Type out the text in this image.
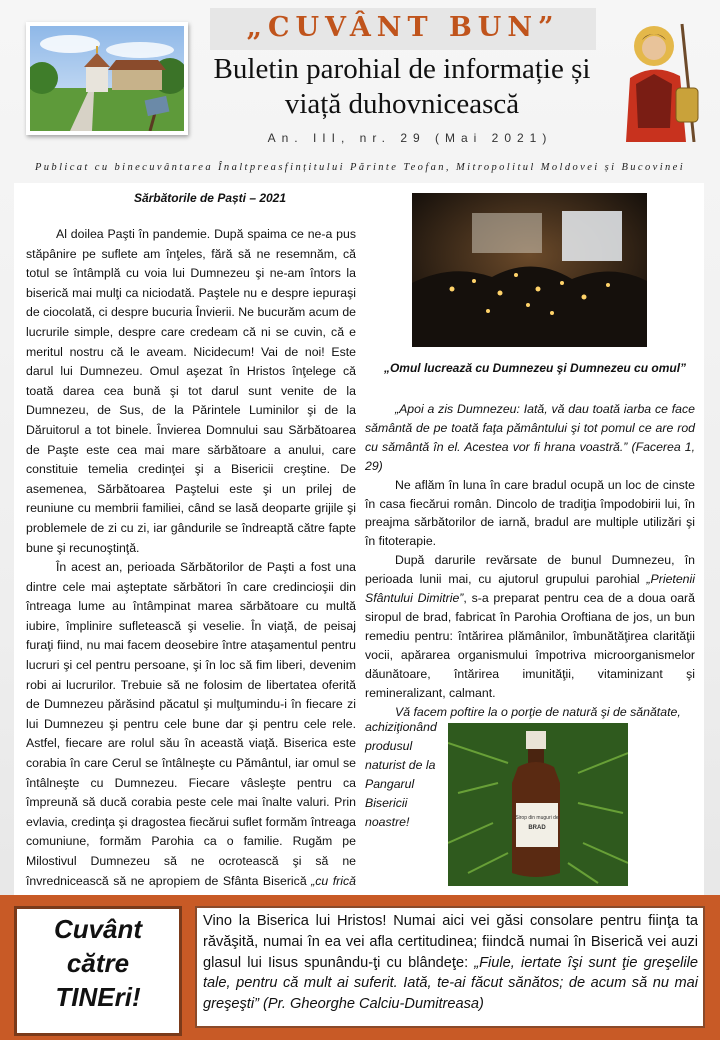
„CUVÂNT BUN”
Buletin parohial de informație și
viață duhovnicească
An. III, nr. 29 (Mai 2021)
Publicat cu binecuvântarea Înaltpreasfințitului Părinte Teofan, Mitropolitul Moldovei și Bucovinei
Sărbătorile de Paști – 2021

Al doilea Paşti în pandemie. După spaima ce ne-a pus stăpânire pe suflete am înţeles, fără să ne resemnăm, că totul se întâmplă cu voia lui Dumnezeu şi ne-am întors la biserică mai mulţi ca niciodată. Paştele nu e despre iepuraşi de ciocolată, ci despre bucuria Învierii. Ne bucurăm acum de lucrurile simple, despre care credeam că ni se cuvin, că e meritul nostru că le aveam. Nicidecum! Vai de noi! Este darul lui Dumnezeu. Omul aşezat în Hristos înţelege că toată darea cea bună şi tot darul sunt venite de la Dumnezeu, de Sus, de la Părintele Luminilor şi de la Dăruitorul a tot binele. Învierea Domnului sau Sărbătoarea de Paşte este cea mai mare sărbătoare a anului, care constituie temelia credinţei şi a Bisericii creştine. De asemenea, Sărbătoarea Paştelui este şi un prilej de reuniune cu membrii familiei, când se lasă deoparte grijile şi problemele de zi cu zi, iar gândurile se îndreaptă către fapte bune şi recunoştinţă.

În acest an, perioada Sărbătorilor de Paşti a fost una dintre cele mai aşteptate sărbători în care credincioşii din întreaga lume au întâmpinat marea sărbătoare cu multă iubire, împlinire sufletească şi veselie. În viaţă, de peisaj furaţi fiind, nu mai facem deosebire între ataşamentul pentru lucruri şi cel pentru persoane, şi în loc să fim liberi, devenim robi ai lucrurilor. Trebuie să ne folosim de libertatea oferită de Dumnezeu părăsind păcatul şi mulţumindu-i în fiecare zi lui Dumnezeu şi pentru cele bune dar şi pentru cele rele. Astfel, fiecare are rolul său în această viaţă. Biserica este corabia în care Cerul se întâlneşte cu Pământul, iar omul se întâlneşte cu Dumnezeu. Fiecare vâsleşte pentru ca împreună să ducă corabia peste cele mai înalte valuri. Prin evlavia, credinţa şi dragostea fiecărui suflet formăm întreaga comuniune, formăm Parohia ca o familie. Rugăm pe Milostivul Dumnezeu să ne ocrotească şi să ne învrednicească să ne apropiem de Sfânta Biserică „cu frică

„Omul lucrează cu Dumnezeu şi Dumnezeu cu omul”

„Apoi a zis Dumnezeu: Iată, vă dau toată iarba ce face sământă de pe toată faţa pământului şi tot pomul ce are rod cu sământă în el. Acestea vor fi hrana voastră.” (Facerea 1, 29)

Ne aflăm în luna în care bradul ocupă un loc de cinste în casa fiecărui român. Dincolo de tradiţia împodobirii lui, în preajma sărbătorilor de iarnă, bradul are multiple utilizări şi în fitoterapie.

După darurile revărsate de bunul Dumnezeu, în perioada lunii mai, cu ajutorul grupului parohial „Prietenii Sfântului Dimitrie”, s-a preparat pentru cea de a doua oară siropul de brad, fabricat în Parohia Oroftiana de jos, un bun remediu pentru: întărirea plămânilor, îmbunătăţirea clarităţii vocii, apărarea organismului împotriva microorganismelor dăunătoare, întărirea imunităţii, vitaminizant şi remineralizant, calmant.

Vă facem poftire la o porţie de natură şi de sănătate,

achiziţionând produsul naturist de la Pangarul Bisericii noastre!	Sirop din muguri de
BRAD
Cuvânt
către
TINEri!
Vino la Biserica lui Hristos! Numai aici vei găsi consolare pentru fiinţa ta răvăşită, numai în ea vei afla certitudinea; fiindcă numai în Biserică vei auzi glasul lui Iisus spunându-ţi cu blândeţe: „Fiule, iertate îşi sunt ţie greşelile tale, pentru că mult ai suferit. Iată, te-ai făcut sănătos; de acum să nu mai greşeşti” (Pr. Gheorghe Calciu-Dumitreasa)
